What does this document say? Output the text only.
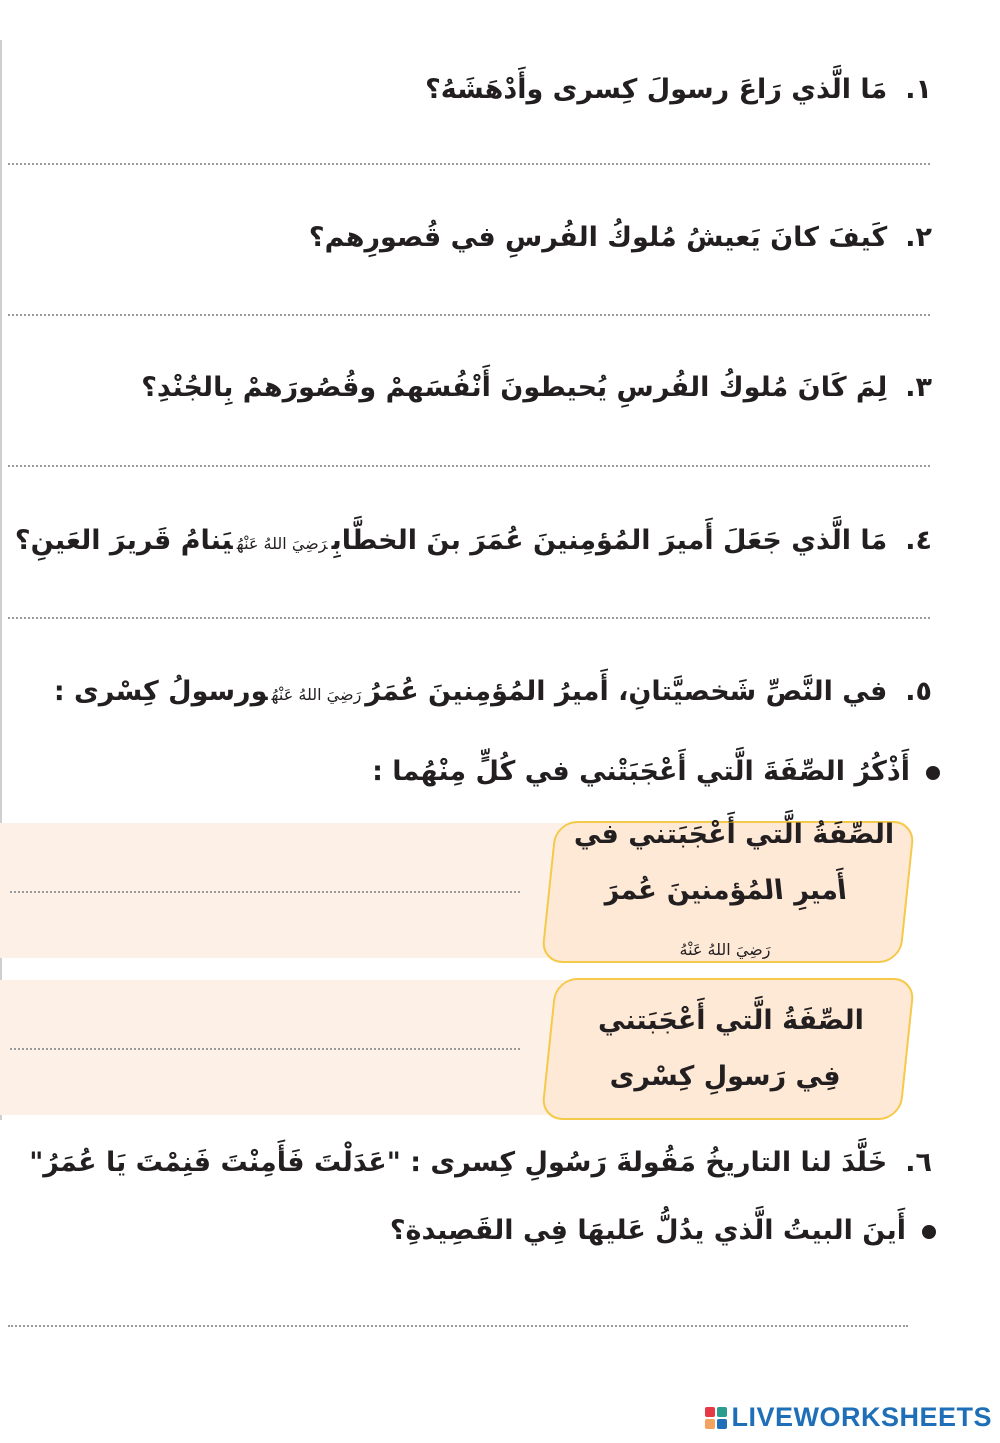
١.مَا الَّذي رَاعَ رسولَ كِسرى وأَدْهَشَهُ؟
٢.كَيفَ كانَ يَعيشُ مُلوكُ الفُرسِ في قُصورِهم؟
٣.لِمَ كَانَ مُلوكُ الفُرسِ يُحيطونَ أَنْفُسَهمْ وقُصُورَهمْ بِالجُنْدِ؟
٤.مَا الَّذي جَعَلَ أَميرَ المُؤمِنينَ عُمَرَ بنَ الخطَّابِرَضِيَ اللهُ عَنْهُيَنامُ قَريرَ العَينِ؟
٥.في النَّصِّ شَخصيَّتانِ، أَميرُ المُؤمِنينَ عُمَرُرَضِيَ اللهُ عَنْهُورسولُ كِسْرى :
أَذْكُرُ الصِّفَةَ الَّتي أَعْجَبَتْني في كُلٍّ مِنْهُما :
الصِّفَةُ الَّتي أَعْجَبَتني في
أَميرِ المُؤمنينَ عُمرَ
رَضِيَ اللهُ عَنْهُ
الصِّفَةُ الَّتي أَعْجَبَتني
فِي رَسولِ كِسْرى
٦.خَلَّدَ لنا التاريخُ مَقُولةَ رَسُولِ كِسرى : "عَدَلْتَ فَأَمِنْتَ فَنِمْتَ يَا عُمَرُ"
أَينَ البيتُ الَّذي يدُلُّ عَليهَا فِي القَصِيدةِ؟
LIVEWORKSHEETS
